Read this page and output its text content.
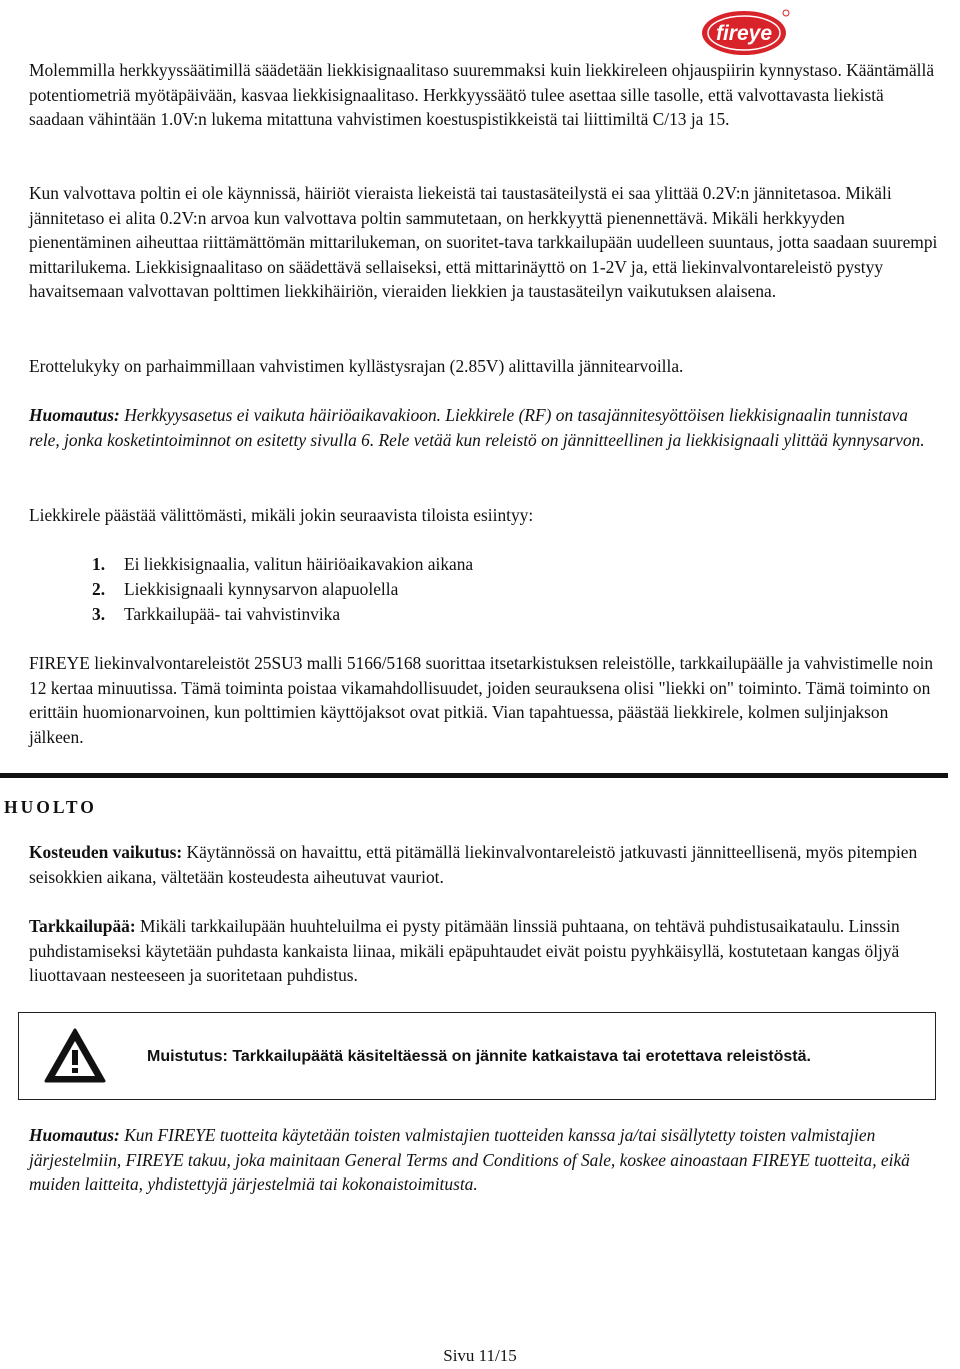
fireye

Molemmilla herkkyyssäätimillä säädetään liekkisignaalitaso suuremmaksi kuin liekkireleen ohjauspiirin kynnystaso. Kääntämällä potentiometriä myötäpäivään, kasvaa liekkisignaalitaso. Herkkyyssäätö tulee asettaa sille tasolle, että valvottavasta liekistä saadaan vähintään 1.0V:n lukema mitattuna vahvistimen koestuspistikkeistä tai liittimiltä C/13 ja 15.

Kun valvottava poltin ei ole käynnissä, häiriöt vieraista liekeistä tai taustasäteilystä ei saa ylittää 0.2V:n jännitetasoa. Mikäli jännitetaso ei alita 0.2V:n arvoa kun valvottava poltin sammutetaan, on herkkyyttä pienennettävä. Mikäli herkkyyden pienentäminen aiheuttaa riittämättömän mittarilukeman, on suoritet-tava tarkkailupään uudelleen suuntaus, jotta saadaan suurempi mittarilukema. Liekkisignaalitaso on säädettävä sellaiseksi, että mittarinäyttö on 1-2V ja, että liekinvalvontareleistö pystyy havaitsemaan valvottavan polttimen liekkihäiriön, vieraiden liekkien ja taustasäteilyn vaikutuksen alaisena.

Erottelukyky on parhaimmillaan vahvistimen kyllästysrajan (2.85V) alittavilla jännitearvoilla.

Huomautus: Herkkyysasetus ei vaikuta häiriöaikavakioon. Liekkirele (RF) on tasajännitesyöttöisen liekkisignaalin tunnistava rele, jonka kosketintoiminnot on esitetty sivulla 6. Rele vetää kun releistö on jännitteellinen ja liekkisignaali ylittää kynnysarvon.

Liekkirele päästää välittömästi, mikäli jokin seuraavista tiloista esiintyy:

1. Ei liekkisignaalia, valitun häiriöaikavakion aikana
2. Liekkisignaali kynnysarvon alapuolella
3. Tarkkailupää- tai vahvistinvika

FIREYE liekinvalvontareleistöt 25SU3 malli 5166/5168 suorittaa itsetarkistuksen releistölle, tarkkailupäälle ja vahvistimelle noin 12 kertaa minuutissa. Tämä toiminta poistaa vikamahdollisuudet, joiden seurauksena olisi "liekki on" toiminto. Tämä toiminto on erittäin huomionarvoinen, kun polttimien käyttöjaksot ovat pitkiä. Vian tapahtuessa, päästää liekkirele, kolmen suljinjakson jälkeen.

HUOLTO

Kosteuden vaikutus: Käytännössä on havaittu, että pitämällä liekinvalvontareleistö jatkuvasti jännitteellisenä, myös pitempien seisokkien aikana, vältetään kosteudesta aiheutuvat vauriot.

Tarkkailupää: Mikäli tarkkailupään huuhteluilma ei pysty pitämään linssiä puhtaana, on tehtävä puhdistusaikataulu. Linssin puhdistamiseksi käytetään puhdasta kankaista liinaa, mikäli epäpuhtaudet eivät poistu pyyhkäisyllä, kostutetaan kangas öljyä liuottavaan nesteeseen ja suoritetaan puhdistus.

Muistutus: Tarkkailupäätä käsiteltäessä on jännite katkaistava tai erotettava releistöstä.

Huomautus: Kun FIREYE tuotteita käytetään toisten valmistajien tuotteiden kanssa ja/tai sisällytetty toisten valmistajien järjestelmiin, FIREYE takuu, joka mainitaan General Terms and Conditions of Sale, koskee ainoastaan FIREYE tuotteita, eikä muiden laitteita, yhdistettyjä järjestelmiä tai kokonaistoimitusta.

Sivu 11/15
